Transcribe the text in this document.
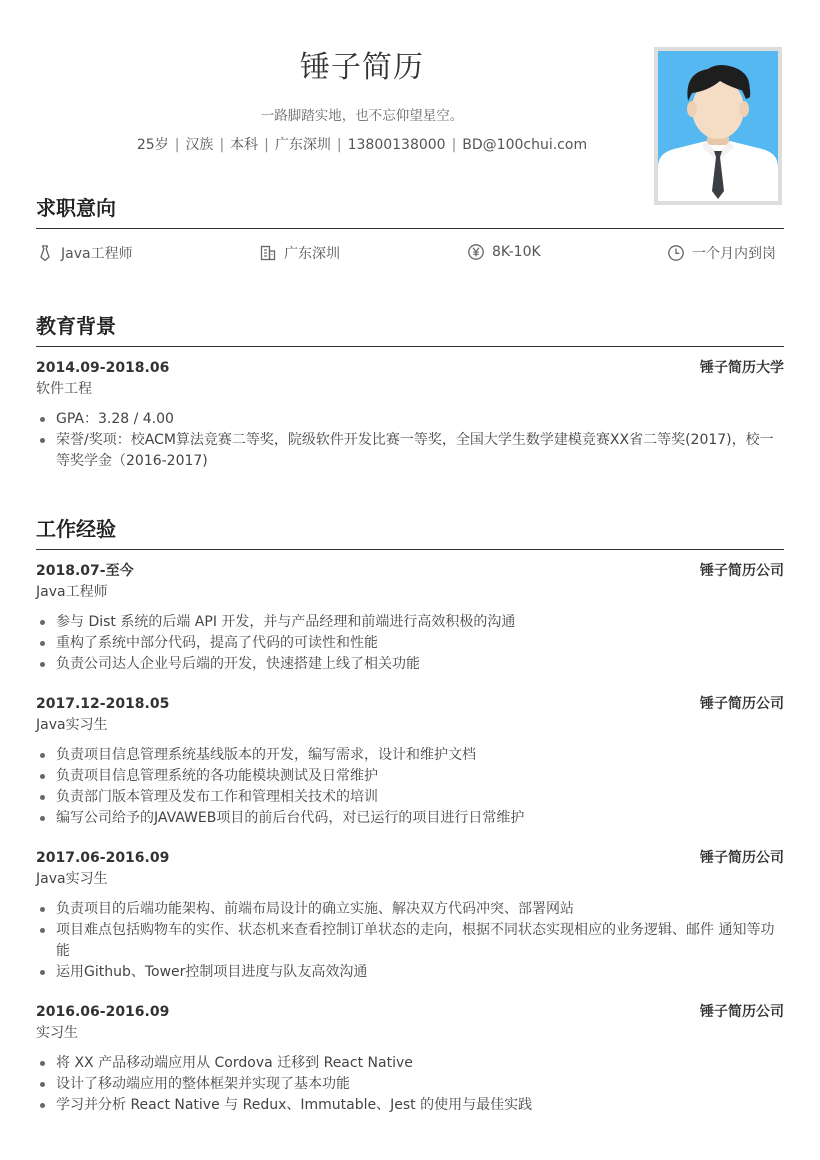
锤子简历
一路脚踏实地，也不忘仰望星空。
25岁 | 汉族 | 本科 | 广东深圳 | 13800138000 | BD@100chui.com
求职意向
Java工程师	广东深圳	8K-10K	一个月内到岗
教育背景
2014.09-2018.06	锤子简历大学
软件工程
GPA：3.28 / 4.00
荣誉/奖项：校ACM算法竞赛二等奖，院级软件开发比赛一等奖，全国大学生数学建模竞赛XX省二等奖(2017)，校一等奖学金（2016-2017)
工作经验
2018.07-至今	锤子简历公司
Java工程师
参与 Dist 系统的后端 API 开发，并与产品经理和前端进行高效积极的沟通
重构了系统中部分代码，提高了代码的可读性和性能
负责公司达人企业号后端的开发，快速搭建上线了相关功能
2017.12-2018.05	锤子简历公司
Java实习生
负责项目信息管理系统基线版本的开发，编写需求，设计和维护文档
负责项目信息管理系统的各功能模块测试及日常维护
负责部门版本管理及发布工作和管理相关技术的培训
编写公司给予的JAVAWEB项目的前后台代码，对已运行的项目进行日常维护
2017.06-2016.09	锤子简历公司
Java实习生
负责项目的后端功能架构、前端布局设计的确立实施、解决双方代码冲突、部署网站
项目难点包括购物车的实作、状态机来查看控制订单状态的走向，根据不同状态实现相应的业务逻辑、邮件 通知等功能
运用Github、Tower控制项目进度与队友高效沟通
2016.06-2016.09	锤子简历公司
实习生
将 XX 产品移动端应用从 Cordova 迁移到 React Native
设计了移动端应用的整体框架并实现了基本功能
学习并分析 React Native 与 Redux、Immutable、Jest 的使用与最佳实践
